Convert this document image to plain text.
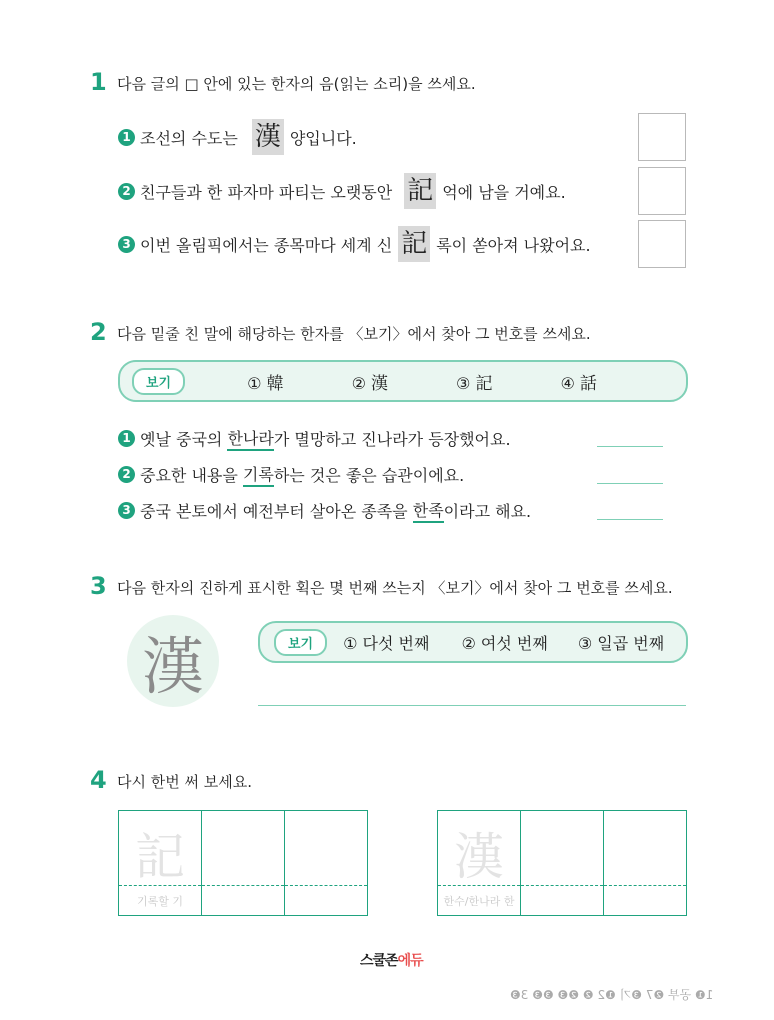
1 다음 글의 □ 안에 있는 한자의 음(읽는 소리)을 쓰세요.
1 조선의 수도는 漢 양입니다.
2 친구들과 한 파자마 파티는 오랫동안 記 억에 남을 거예요.
3 이번 올림픽에서는 종목마다 세계 신 記 록이 쏟아져 나왔어요.
2 다음 밑줄 친 말에 해당하는 한자를 〈보기〉에서 찾아 그 번호를 쓰세요.
보기	① 韓	② 漢	③ 記	④ 話
1 옛날 중국의 한나라 가 멸망하고 진나라가 등장했어요.
2 중요한 내용을 기록 하는 것은 좋은 습관이에요.
3 중국 본토에서 예전부터 살아온 종족을 한족 이라고 해요.
3 다음 한자의 진하게 표시한 획은 몇 번째 쓰는지 〈보기〉에서 찾아 그 번호를 쓰세요.
漢	보기	① 다섯 번째 ② 여섯 번째 ③ 일곱 번째
4 다시 한번 써 보세요.
記
기록할 기
漢
한수/한나라 한
스쿨존에듀
1❶ 공부 ❷7 ❸기 ❶2 ❷ ❷❸ ❸❸ 3❸
